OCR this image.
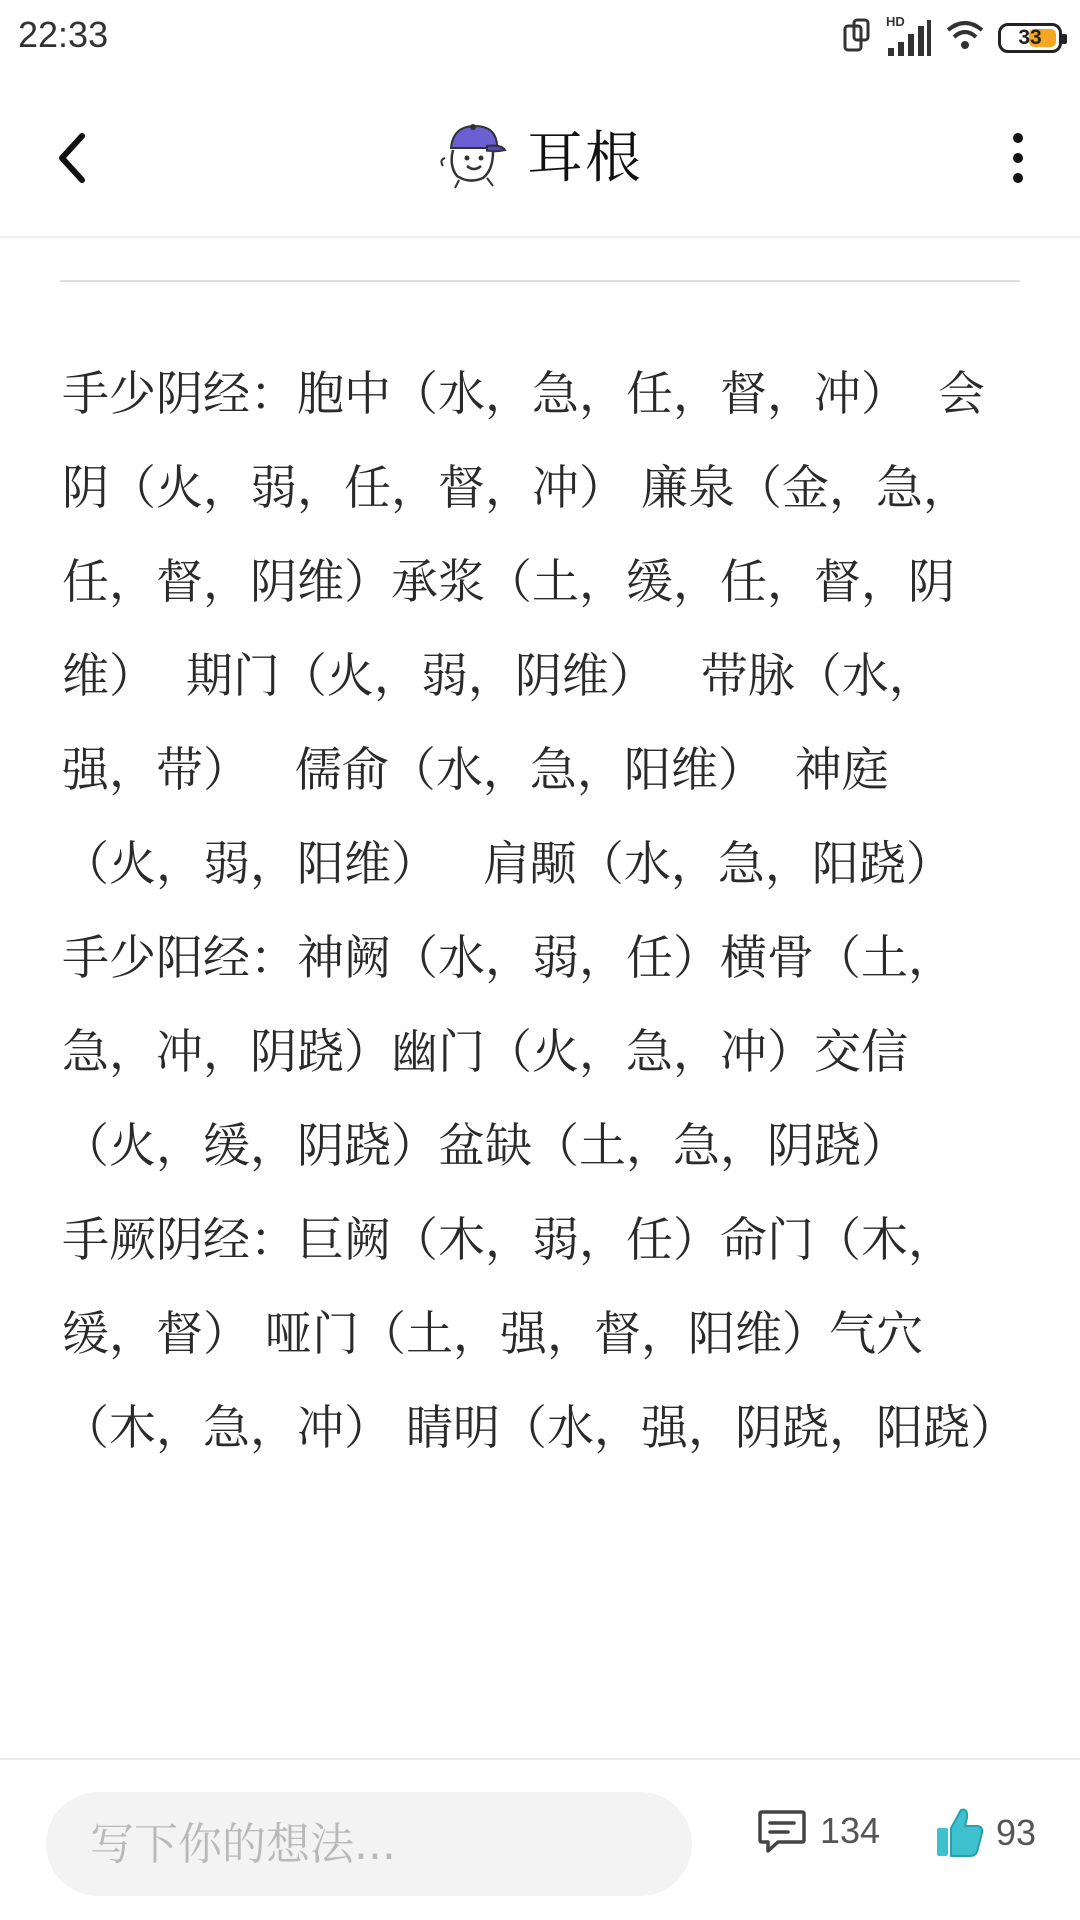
22:33	HD
33
耳根

手少阴经：胞中（水，急，任，督，冲）  会阴（火，弱，任，督，冲） 廉泉（金，急，任，督，阴维）承浆（土，缓，任，督，阴维）  期门（火，弱，阴维）   带脉（水，强，带）   儒俞（水，急，阳维）  神庭（火，弱，阳维）   肩颙（水，急，阳跷）

手少阳经：神阙（水，弱，任）横骨（土，急，冲，阴跷）幽门（火，急，冲）交信（火，缓，阴跷）盆缺（土，急，阴跷）

手厥阴经：巨阙（木，弱，任）命门（木，缓，督） 哑门（土，强，督，阳维）气穴（木，急，冲） 睛明（水，强，阴跷，阳跷）

写下你的想法...
134	93
